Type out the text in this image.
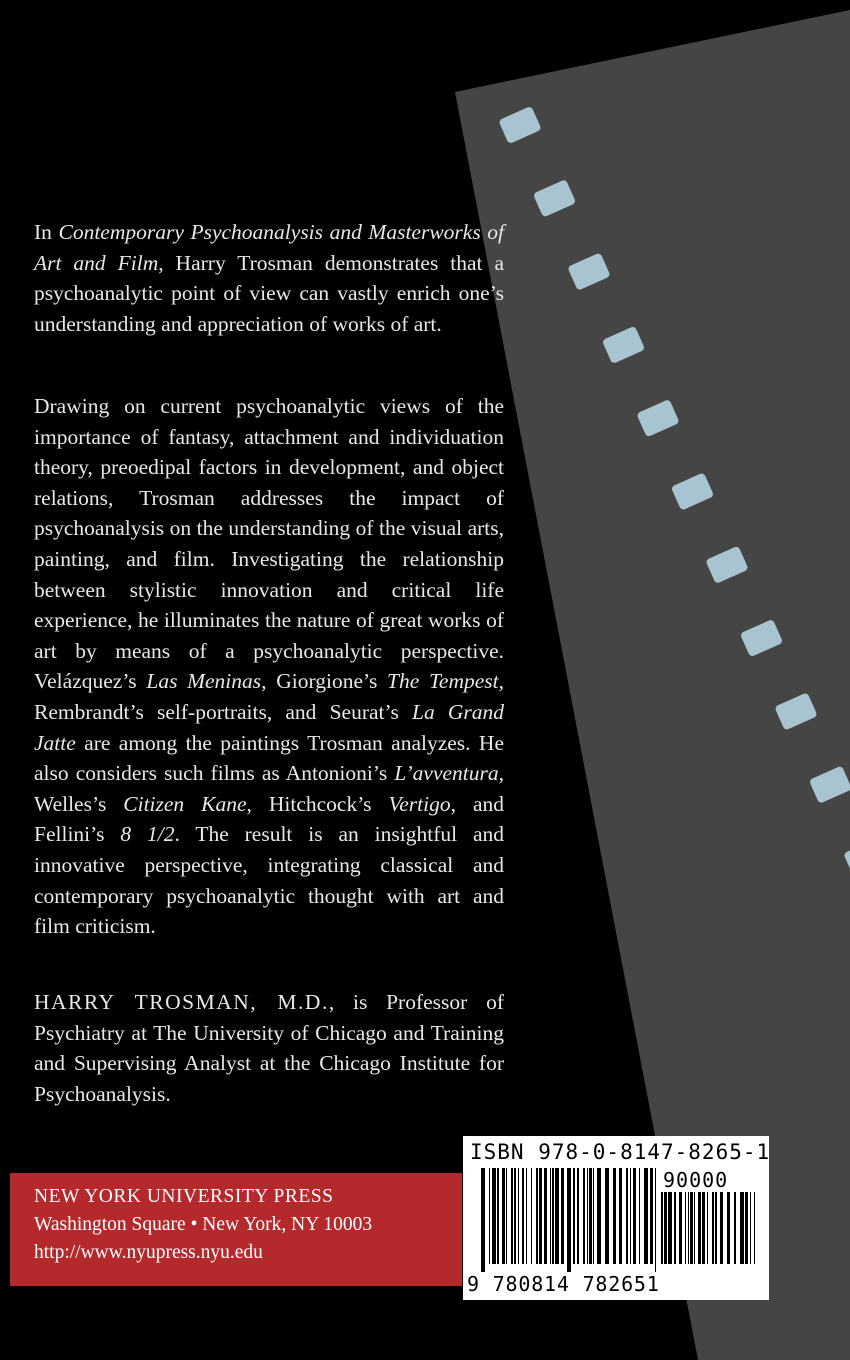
In Contemporary Psychoanalysis and Masterworks of Art and Film, Harry Trosman demonstrates that a psychoanalytic point of view can vastly enrich one’s understanding and appreciation of works of art.

Drawing on current psychoanalytic views of the importance of fantasy, attachment and individuation theory, preoedipal factors in development, and object relations, Trosman addresses the impact of psychoanalysis on the understanding of the visual arts, painting, and film. Investigating the relationship between stylistic innovation and critical life experience, he illuminates the nature of great works of art by means of a psychoanalytic perspective. Velázquez’s Las Meninas, Giorgione’s The Tempest, Rembrandt’s self-portraits, and Seurat’s La Grand Jatte are among the paintings Trosman analyzes. He also considers such films as Antonioni’s L’avventura, Welles’s Citizen Kane, Hitchcock’s Vertigo, and Fellini’s 8 1/2. The result is an insightful and innovative perspective, integrating classical and contemporary psychoanalytic thought with art and film criticism.

HARRY TROSMAN, M.D., is Professor of Psychiatry at The University of Chicago and Training and Supervising Analyst at the Chicago Institute for Psychoanalysis.

NEW YORK UNIVERSITY PRESS
Washington Square • New York, NY 10003
http://www.nyupress.nyu.edu
ISBN 978-0-8147-8265-1
90000
9 780814 782651
